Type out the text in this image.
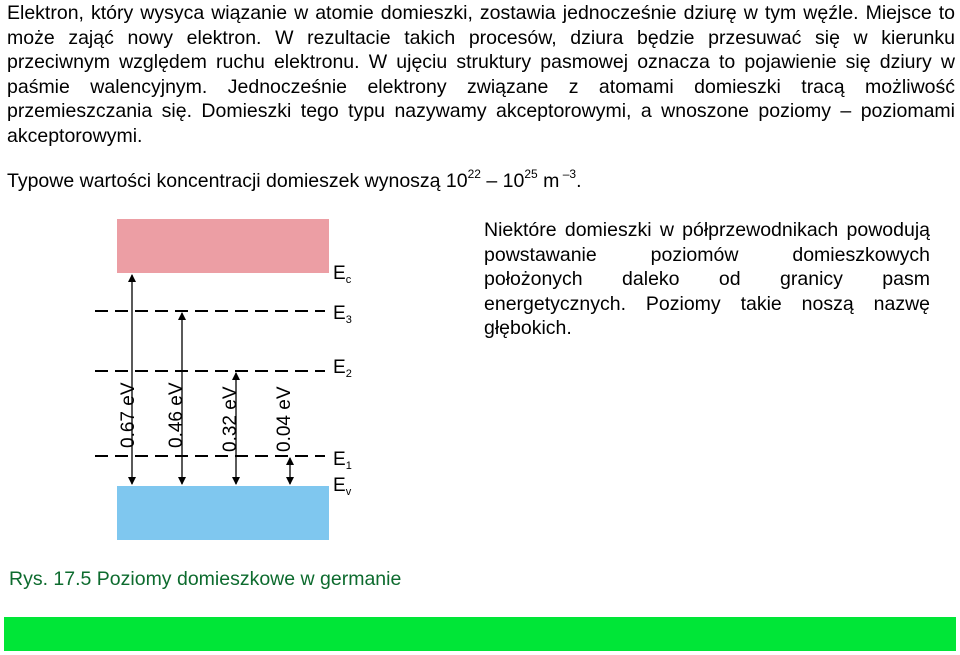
Elektron, który wysyca wiązanie w atomie domieszki, zostawia jednocześnie dziurę w tym węźle. Miejsce to może zająć nowy elektron. W rezultacie takich procesów, dziura będzie przesuwać się w kierunku przeciwnym względem ruchu elektronu. W ujęciu struktury pasmowej oznacza to pojawienie się dziury w paśmie walencyjnym. Jednocześnie elektrony związane z atomami domieszki tracą możliwość przemieszczania się. Domieszki tego typu nazywamy akceptorowymi, a wnoszone poziomy – poziomami akceptorowymi.

Typowe wartości koncentracji domieszek wynoszą $10^{22} - 10^{25}$ m $^{-3}$.

0.67 eV 0.46 eV 0.32 eV 0.04 eV
$E_c$
$E_3$
$E_2$
$E_1$
$E_v$

Niektóre domieszki w półprzewodnikach powodują powstawanie poziomów domieszkowych położonych daleko od granicy pasm energetycznych. Poziomy takie noszą nazwę głębokich.

Rys. 17.5 Poziomy domieszkowe w germanie
